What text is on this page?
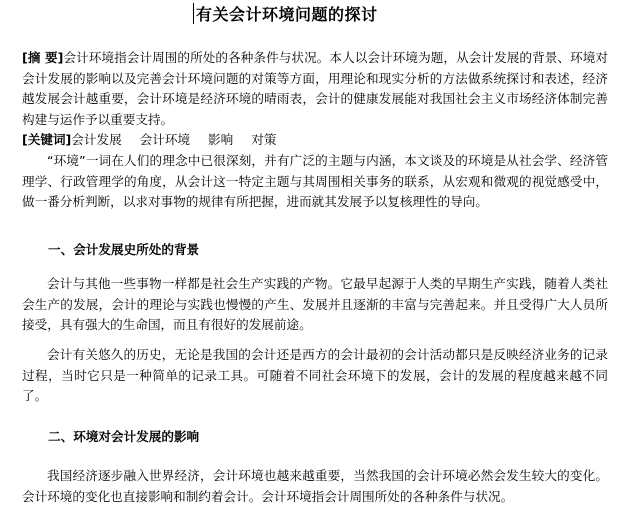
有关会计环境问题的探讨

[摘 要]会计环境指会计周围的所处的各种条件与状况。本人以会计环境为题，从会计发展的背景、环境对会计发展的影响以及完善会计环境问题的对策等方面，用理论和现实分析的方法做系统探讨和表述，经济越发展会计越重要，会计环境是经济环境的晴雨表，会计的健康发展能对我国社会主义市场经济体制完善构建与运作予以重要支持。

[关键词]会计发展 会计环境 影响 对策

“环境”一词在人们的理念中已很深刻，并有广泛的主题与内涵，本文谈及的环境是从社会学、经济管理学、行政管理学的角度，从会计这一特定主题与其周围相关事务的联系，从宏观和微观的视觉感受中，做一番分析判断，以求对事物的规律有所把握，进而就其发展予以复核理性的导向。

一、会计发展史所处的背景

会计与其他一些事物一样都是社会生产实践的产物。它最早起源于人类的早期生产实践，随着人类社会生产的发展，会计的理论与实践也慢慢的产生、发展并且逐渐的丰富与完善起来。并且受得广大人员所接受，具有强大的生命国，而且有很好的发展前途。

会计有关悠久的历史，无论是我国的会计还是西方的会计最初的会计活动都只是反映经济业务的记录过程，当时它只是一种简单的记录工具。可随着不同社会环境下的发展，会计的发展的程度越来越不同了。

二、环境对会计发展的影响

我国经济逐步融入世界经济，会计环境也越来越重要，当然我国的会计环境必然会发生较大的变化。会计环境的变化也直接影响和制约着会计。会计环境指会计周围所处的各种条件与状况。
